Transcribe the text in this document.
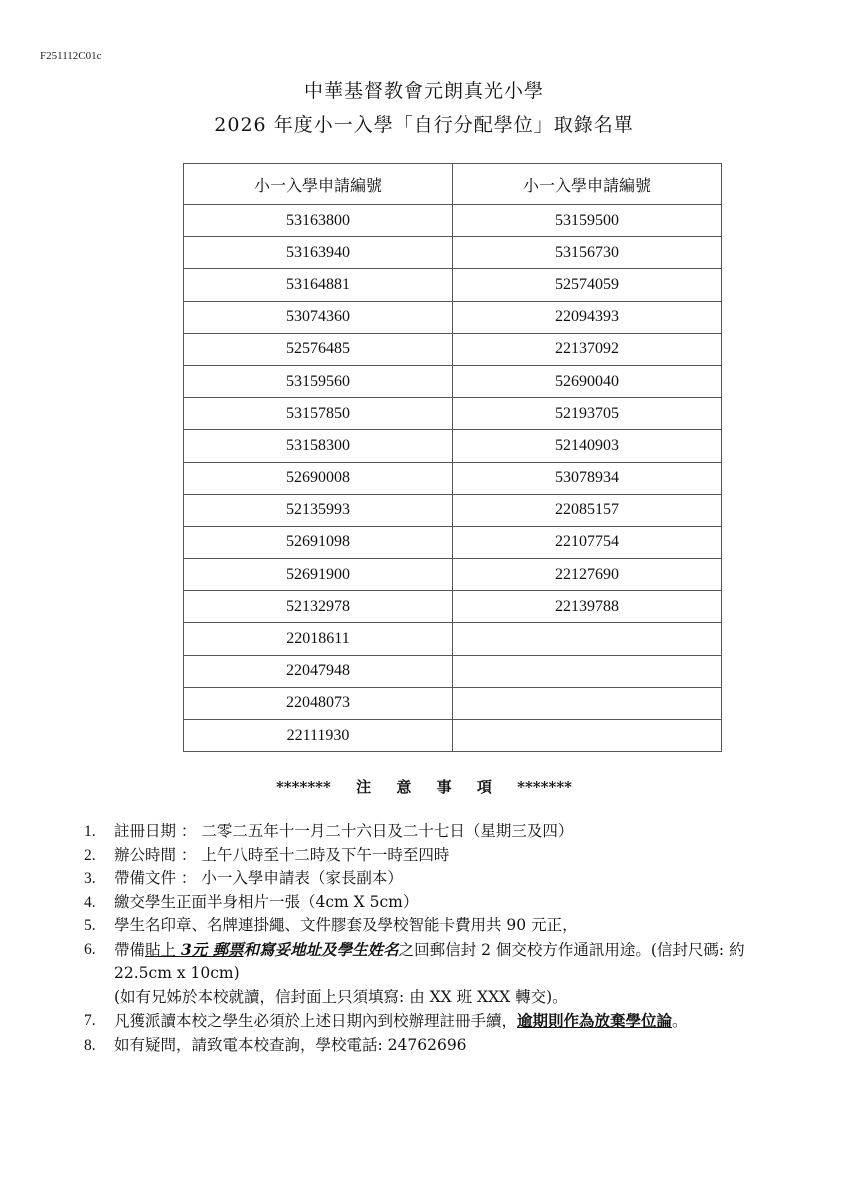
F251112C01c
中華基督教會元朗真光小學
2026 年度小一入學「自行分配學位」取錄名單
小一入學申請編號	小一入學申請編號
53163800	53159500
53163940	53156730
53164881	52574059
53074360	22094393
52576485	22137092
53159560	52690040
53157850	52193705
53158300	52140903
52690008	53078934
52135993	22085157
52691098	22107754
52691900	22127690
52132978	22139788
22018611	
22047948	
22048073	
22111930	
******* 注 意 事 項 *******
1.	註冊日期 ： 二零二五年十一月二十六日及二十七日（星期三及四）
2.	辦公時間 ： 上午八時至十二時及下午一時至四時
3.	帶備文件 ： 小一入學申請表（家長副本）
4.	繳交學生正面半身相片一張（4cm X 5cm）
5.	學生名印章、名牌連掛繩、文件膠套及學校智能卡費用共 90 元正，
6.	帶備貼上 3元 郵票和寫妥地址及學生姓名之回郵信封 2 個交校方作通訊用途。(信封尺碼: 約 22.5cm x 10cm)
(如有兄姊於本校就讀，信封面上只須填寫: 由 XX 班 XXX 轉交)。
7.	凡獲派讀本校之學生必須於上述日期內到校辦理註冊手續，逾期則作為放棄學位論。
8.	如有疑問，請致電本校查詢，學校電話: 24762696
